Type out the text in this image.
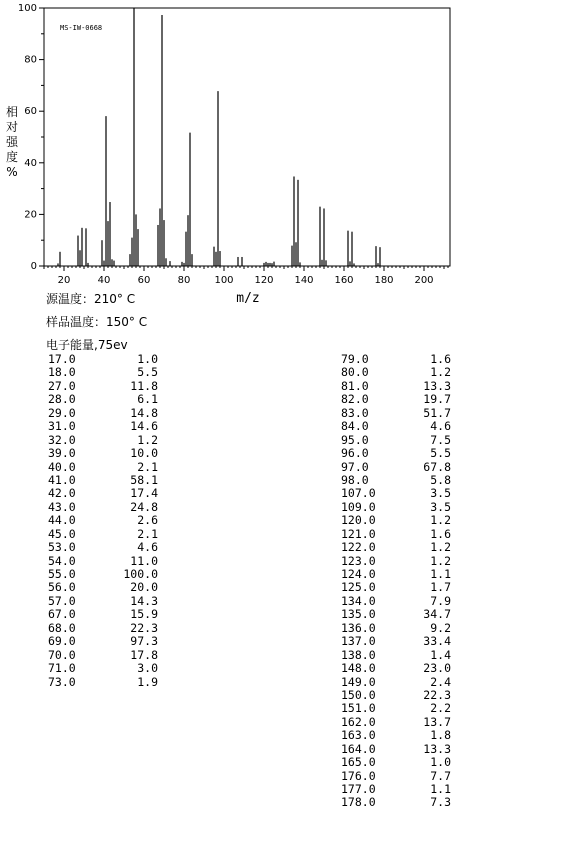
MS-IW-0668
相
对
强
度
%
0
20
40
60
80
100
20	40	60	80 100 120 140 160 180 200
m/z
源温度：210° C
样品温度：150° C
电子能量,75ev
17.0	1.0
18.0	5.5
27.0	11.8
28.0	6.1
29.0	14.8
31.0	14.6
32.0	1.2
39.0	10.0
40.0	2.1
41.0	58.1
42.0	17.4
43.0	24.8
44.0	2.6
45.0	2.1
53.0	4.6
54.0	11.0
55.0	100.0
56.0	20.0
57.0	14.3
67.0	15.9
68.0	22.3
69.0	97.3
70.0	17.8
71.0	3.0
73.0	1.9
79.0	1.6
80.0	1.2
81.0	13.3
82.0	19.7
83.0	51.7
84.0	4.6
95.0	7.5
96.0	5.5
97.0	67.8
98.0	5.8
107.0	3.5
109.0	3.5
120.0	1.2
121.0	1.6
122.0	1.2
123.0	1.2
124.0	1.1
125.0	1.7
134.0	7.9
135.0	34.7
136.0	9.2
137.0	33.4
138.0	1.4
148.0	23.0
149.0	2.4
150.0	22.3
151.0	2.2
162.0	13.7
163.0	1.8
164.0	13.3
165.0	1.0
176.0	7.7
177.0	1.1
178.0	7.3
